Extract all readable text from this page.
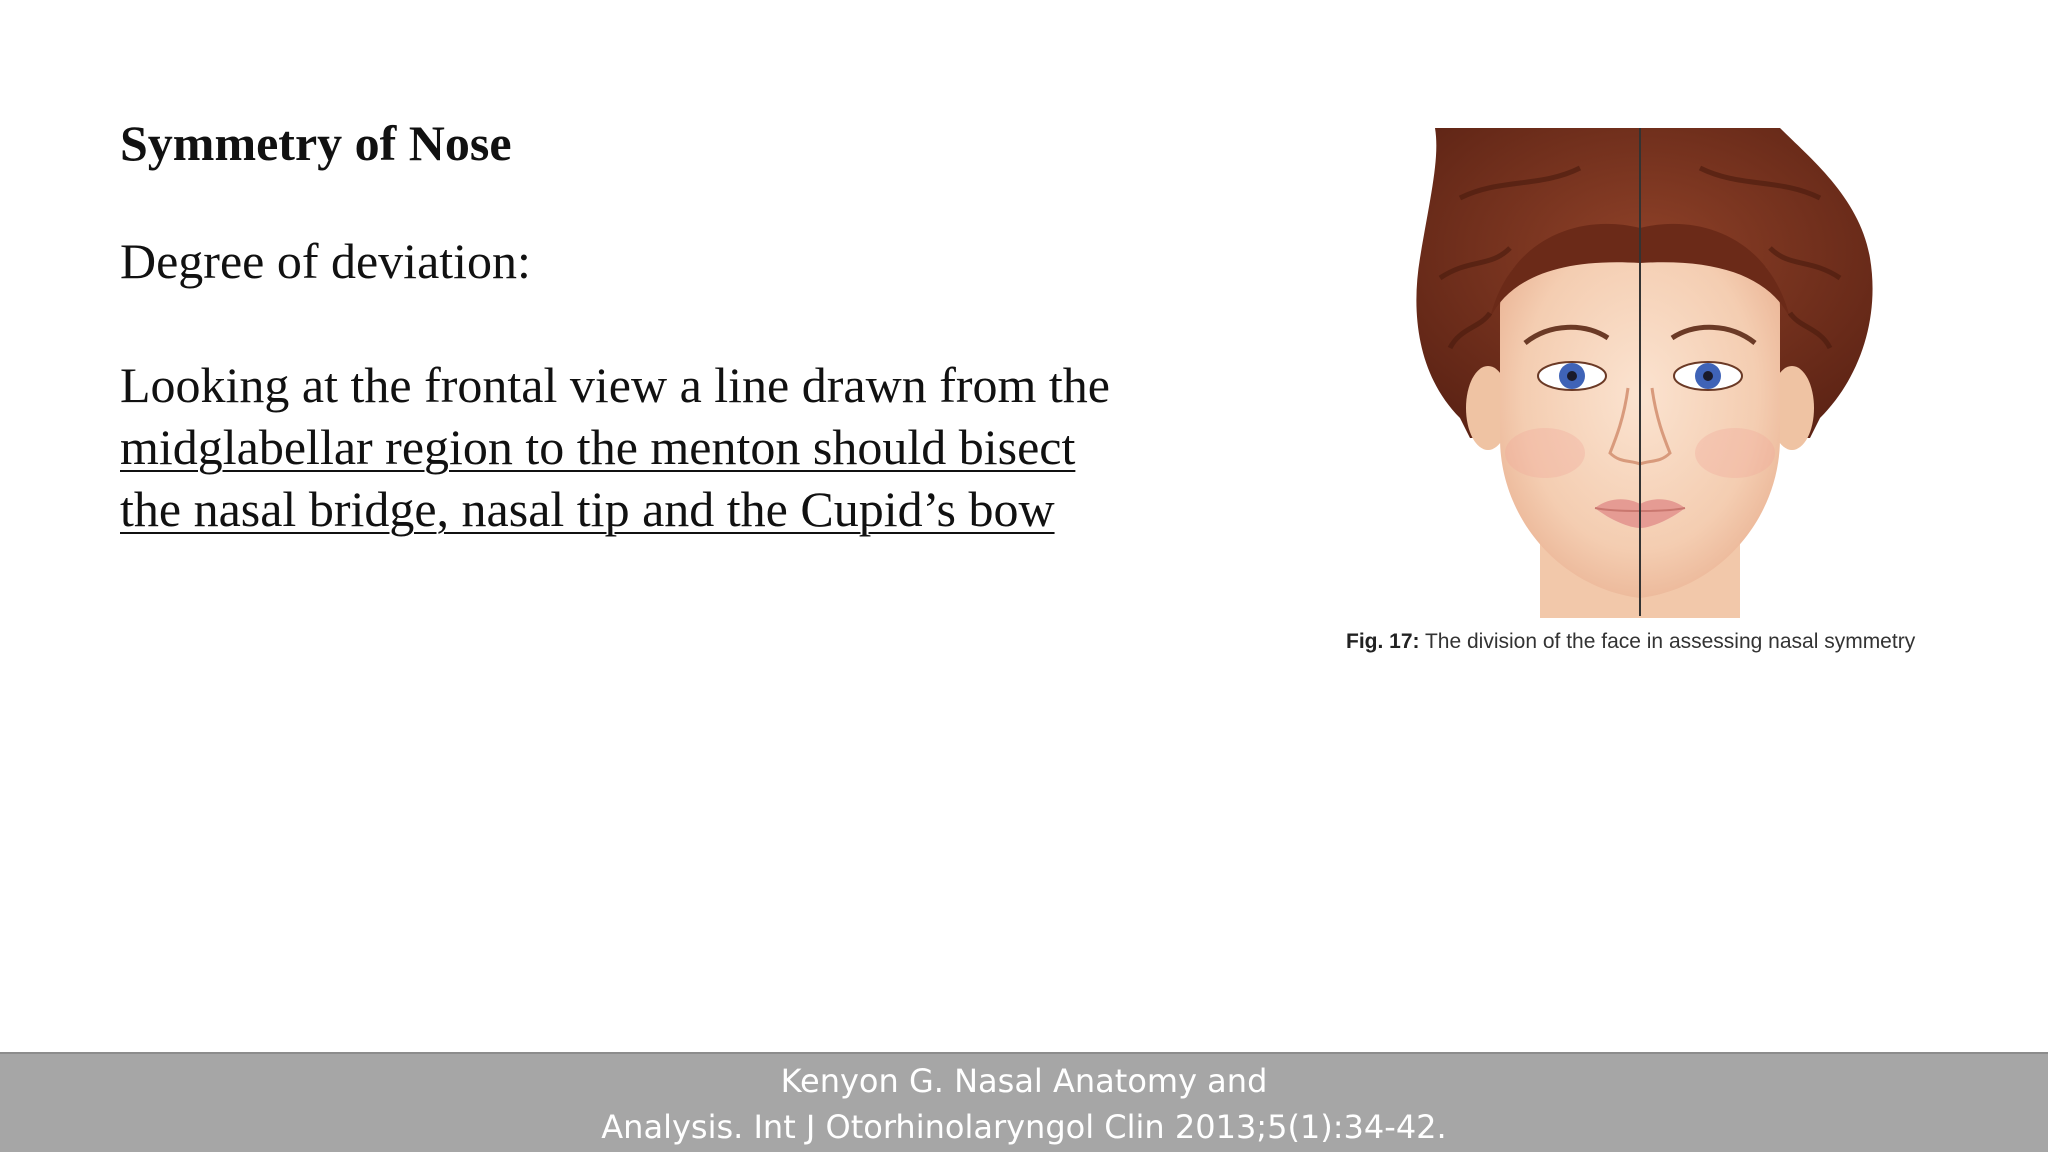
Symmetry of Nose

Degree of deviation:

Looking at the frontal view a line drawn from the midglabellar region to the menton should bisect the nasal bridge, nasal tip and the Cupid’s bow

Fig. 17: The division of the face in assessing nasal symmetry
Kenyon G. Nasal Anatomy and
Analysis. Int J Otorhinolaryngol Clin 2013;5(1):34-42.
